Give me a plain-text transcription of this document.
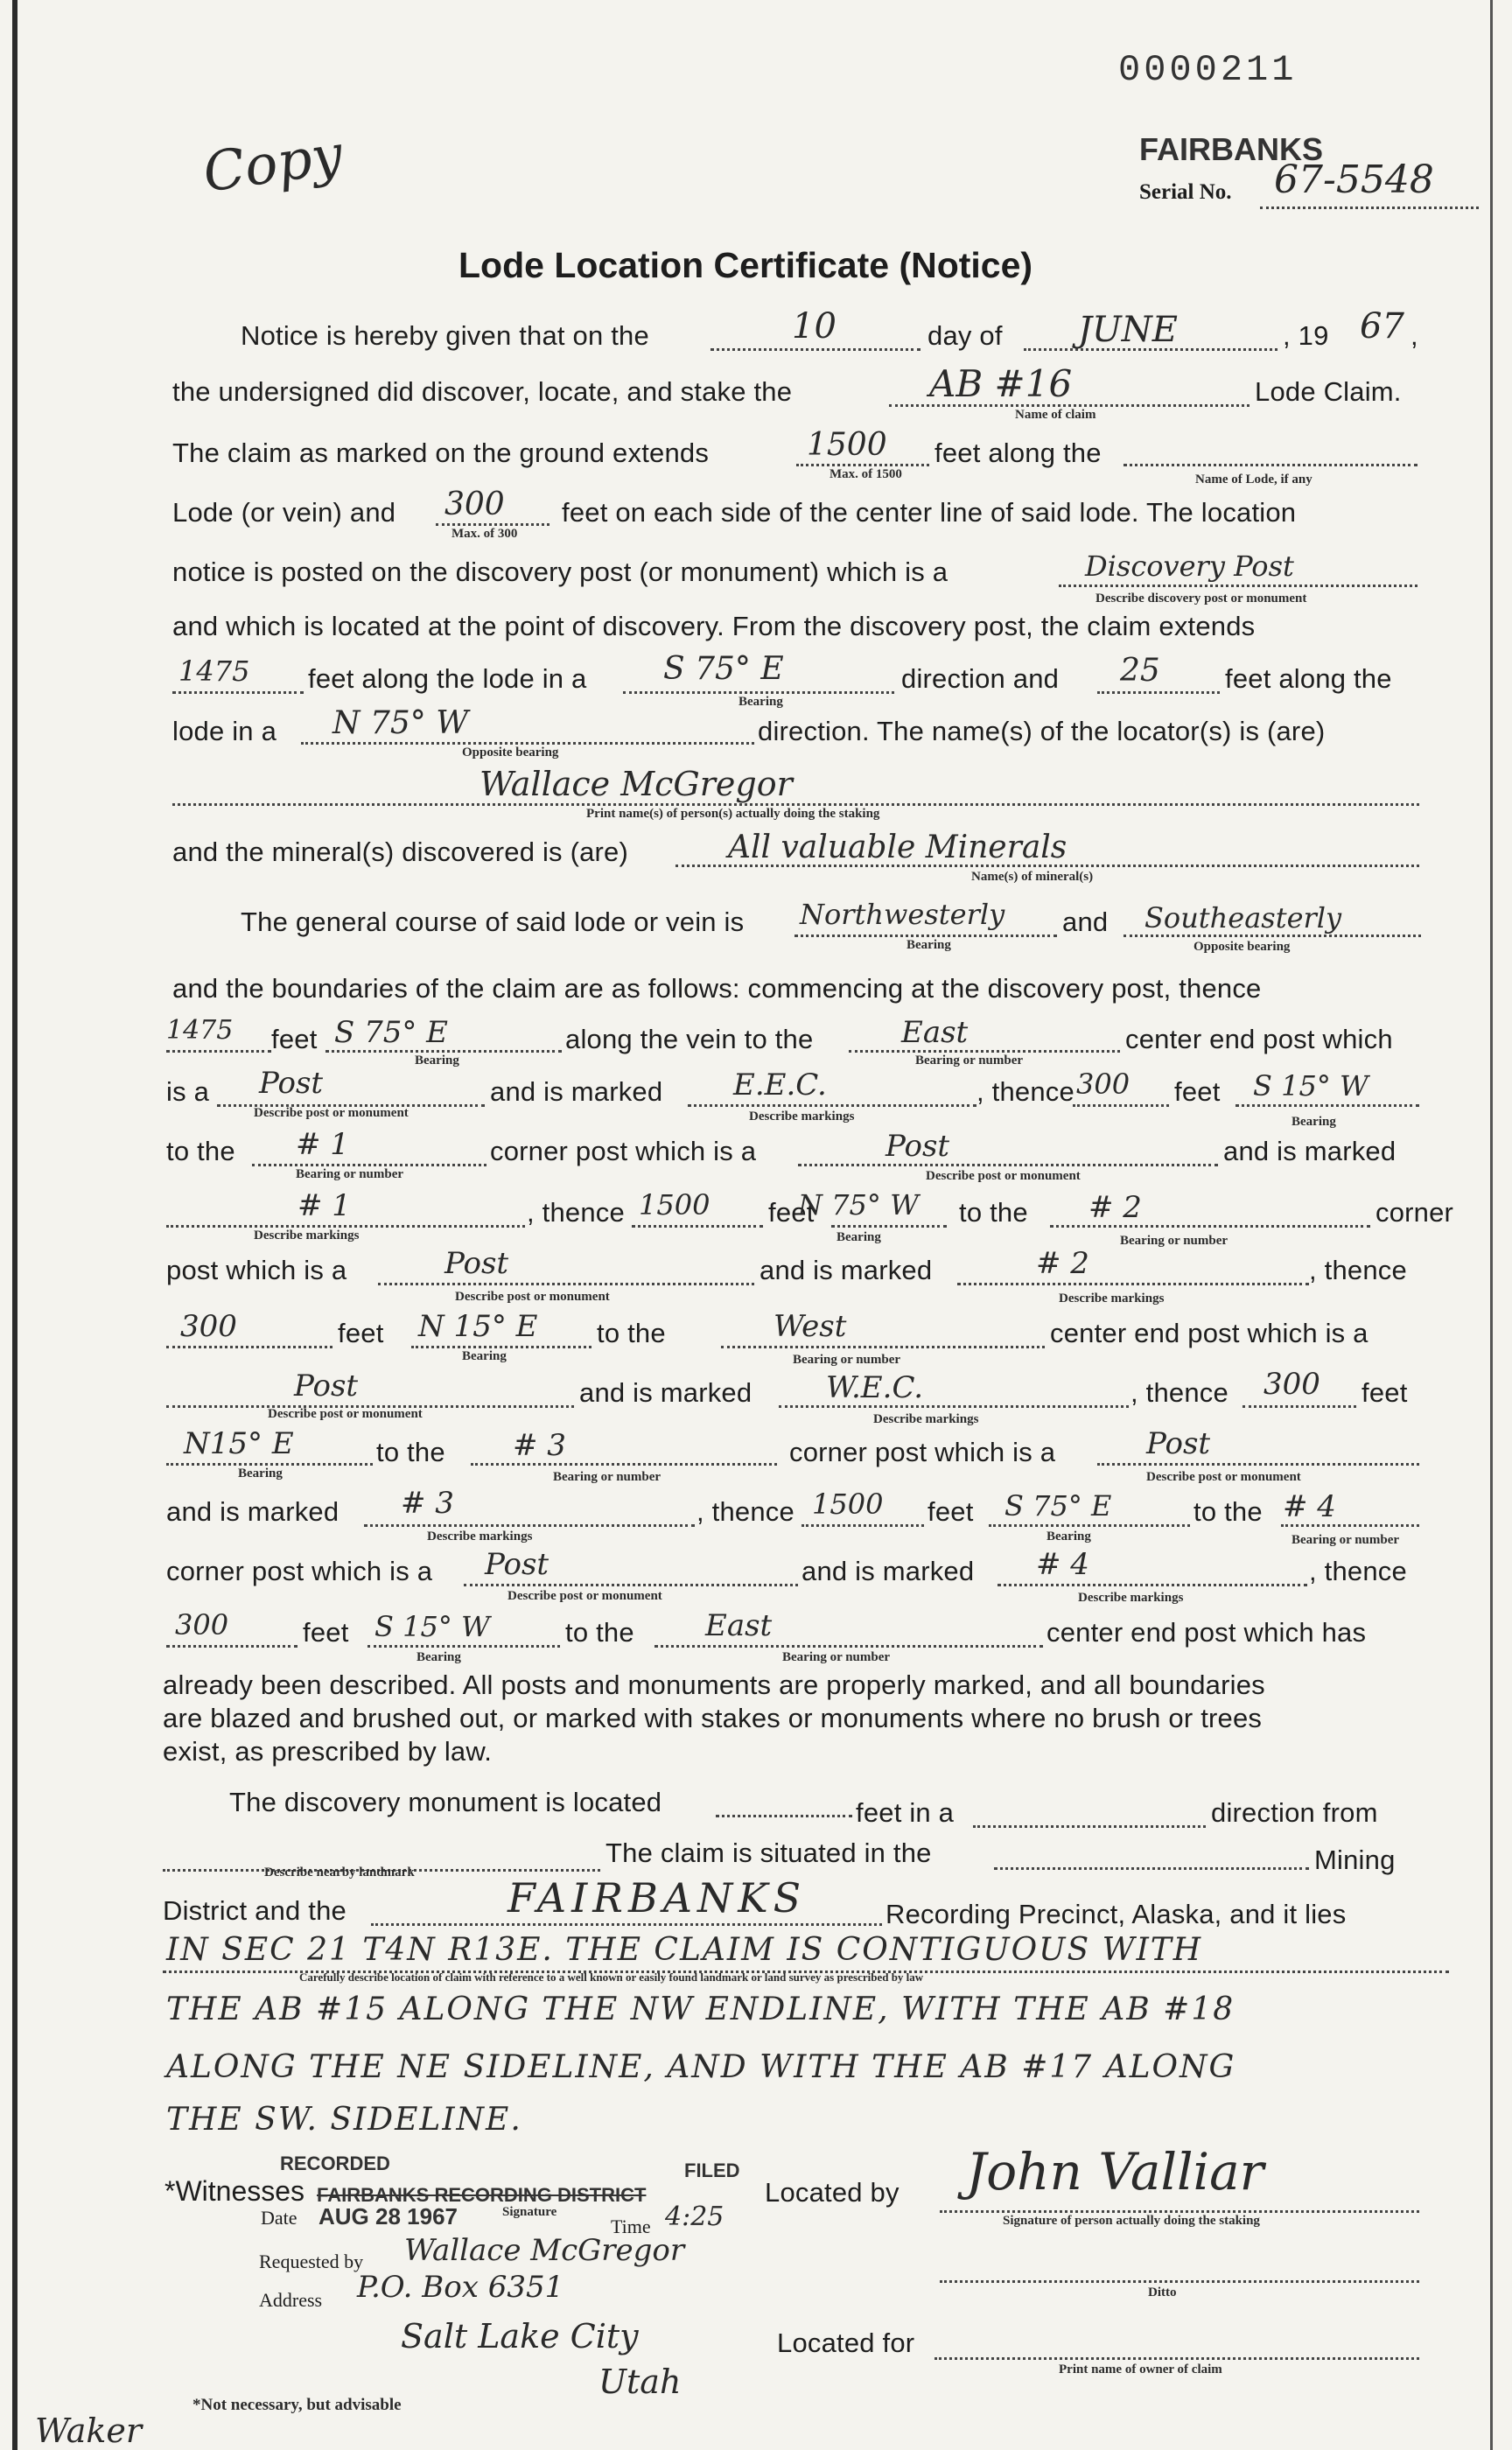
0000211
Copy	FAIRBANKS
Serial No. 67-5548
Lode Location Certificate (Notice)
Notice is hereby given that on the	10	day of JUNE	, 19 67 ,
the undersigned did discover, locate, and stake the	AB #16
Name of claim
Lode Claim.
The claim as marked on the ground extends	1500
Max. of 1500
feet along the
Name of Lode, if any
Lode (or vein) and 300
Max. of 300
feet on each side of the center line of said lode. The location
notice is posted on the discovery post (or monument) which is a	Discovery Post
Describe discovery post or monument
and which is located at the point of discovery. From the discovery post, the claim extends
1475 feet along the lode in a S 75° E
Bearing
direction and 25 feet along the
lode in a N 75° W
Opposite bearing
direction. The name(s) of the locator(s) is (are)
Wallace McGregor
Print name(s) of person(s) actually doing the staking
and the mineral(s) discovered is (are)	All valuable Minerals
Name(s) of mineral(s)
The general course of said lode or vein is Northwesterly
Bearing
and Southeasterly
Opposite bearing
and the boundaries of the claim are as follows: commencing at the discovery post, thence
1475 feet S 75° E
Bearing
along the vein to the	East
Bearing or number
center end post which
is a Post
Describe post or monument
and is marked E.E.C.
Describe markings
, thence 300 feet S 15° W
Bearing
to the # 1
Bearing or number
corner post which is a	Post
Describe post or monument
and is marked
# 1
Describe markings
, thence 1500 feet
N 75° W
Bearing
to the # 2
Bearing or number
corner
post which is a	Post
Describe post or monument
and is marked	# 2
Describe markings
, thence
300	feet N 15° E
Bearing
to the	West
Bearing or number
center end post which is a
Post
Describe post or monument
and is marked W.E.C.
Describe markings
, thence 300 feet
N15° E
Bearing
to the # 3
Bearing or number
corner post which is a	Post
Describe post or monument
and is marked # 3
Describe markings
, thence 1500 feet S 75° E
Bearing
to the # 4
Bearing or number
corner post which is a Post
Describe post or monument
and is marked # 4
Describe markings
, thence
300	feet S 15° W
Bearing
to the East
Bearing or number
center end post which has
already been described. All posts and monuments are properly marked, and all boundaries
are blazed and brushed out, or marked with stakes or monuments where no brush or trees
exist, as prescribed by law.
The discovery monument is located	feet in a	direction from
Describe nearby landmark
The claim is situated in the	Mining
District and the	FAIRBANKS	Recording Precinct, Alaska, and it lies
IN SEC 21 T4N R13E. THE CLAIM IS CONTIGUOUS WITH
Carefully describe location of claim with reference to a well known or easily found landmark or land survey as prescribed by law
THE AB #15 ALONG THE NW ENDLINE, WITH THE AB #18
ALONG THE NE SIDELINE, AND WITH THE AB #17 ALONG
THE SW. SIDELINE.
RECORDED	FILED
*Witnesses FAIRBANKS RECORDING DISTRICT	Located by John Valliar
Signature of person actually doing the staking
Signature
Date AUG 28 1967	Time 4:25
Requested by Wallace McGregor
Ditto
Address P.O. Box 6351
Salt Lake City	Located for
Print name of owner of claim
Utah
*Not necessary, but advisable
Waker
